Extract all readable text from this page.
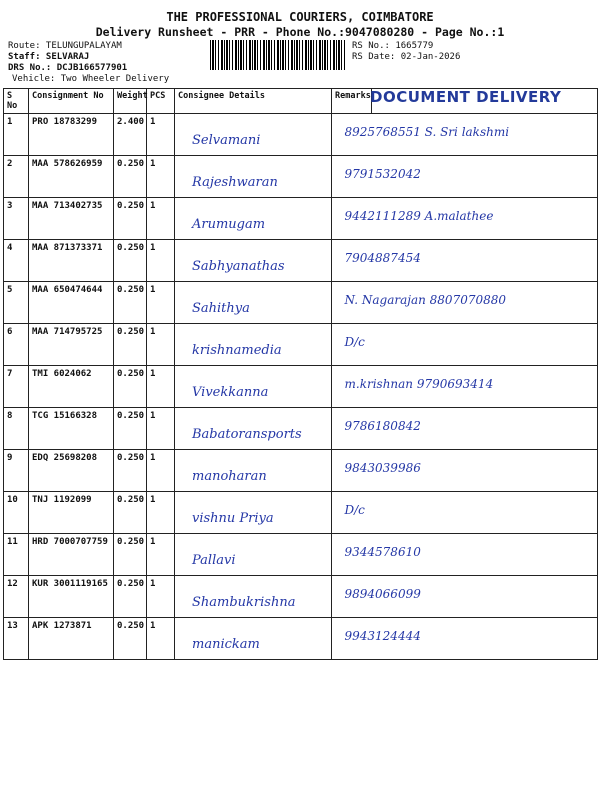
THE PROFESSIONAL COURIERS, COIMBATORE
Delivery Runsheet - PRR - Phone No.:9047080280 - Page No.:1
Route: TELUNGUPALAYAM
Staff: SELVARAJ
DRS No.: DCJB166577901
Vehicle: Two Wheeler Delivery
RS No.: 1665779
RS Date: 02-Jan-2026
S No	Consignment No	Weight	PCS	Consignee Details	Remarks	
1	PRO 18783299	2.400	1	Selvamani		8925768551 S. Sri lakshmi

2	MAA 578626959	0.250	1	Rajeshwaran		9791532042

3	MAA 713402735	0.250	1	Arumugam		9442111289 A.malathee

4	MAA 871373371	0.250	1	Sabhyanathas		7904887454

5	MAA 650474644	0.250	1	Sahithya		N. Nagarajan 8807070880

6	MAA 714795725	0.250	1	krishnamedia		D/c

7	TMI 6024062	0.250	1	Vivekkanna		m.krishnan 9790693414

8	TCG 15166328	0.250	1	Babatoransports		9786180842

9	EDQ 25698208	0.250	1	manoharan		9843039986

10	TNJ 1192099	0.250	1	vishnu Priya		D/c

11	HRD 7000707759	0.250	1	Pallavi		9344578610

12	KUR 3001119165	0.250	1	Shambukrishna		9894066099

13	APK 1273871	0.250	1	manickam		9943124444
DOCUMENT DELIVERY
